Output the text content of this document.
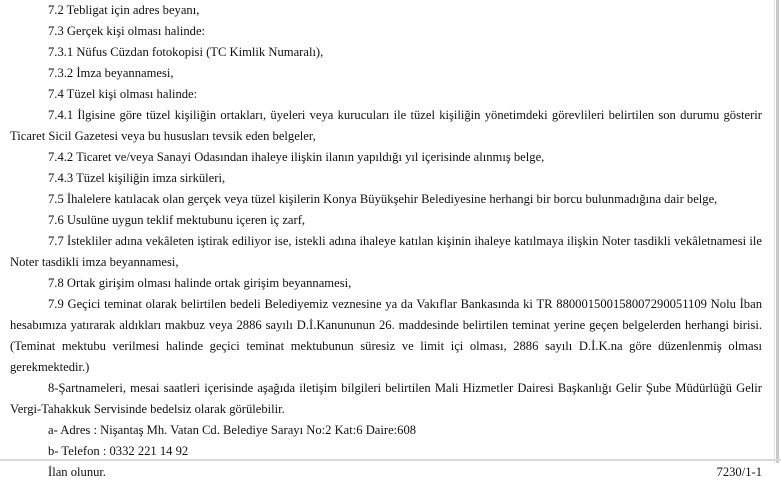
7.2 Tebligat için adres beyanı,
7.3 Gerçek kişi olması halinde:
7.3.1 Nüfus Cüzdan fotokopisi (TC Kimlik Numaralı),
7.3.2 İmza beyannamesi,
7.4 Tüzel kişi olması halinde:

7.4.1 İlgisine göre tüzel kişiliğin ortakları, üyeleri veya kurucuları ile tüzel kişiliğin yönetimdeki görevlileri belirtilen son durumu gösterir Ticaret Sicil Gazetesi veya bu hususları tevsik eden belgeler,

7.4.2 Ticaret ve/veya Sanayi Odasından ihaleye ilişkin ilanın yapıldığı yıl içerisinde alınmış belge,
7.4.3 Tüzel kişiliğin imza sirküleri,
7.5 İhalelere katılacak olan gerçek veya tüzel kişilerin Konya Büyükşehir Belediyesine herhangi bir borcu bulunmadığına dair belge,
7.6 Usulüne uygun teklif mektubunu içeren iç zarf,

7.7 İstekliler adına vekâleten iştirak ediliyor ise, istekli adına ihaleye katılan kişinin ihaleye katılmaya ilişkin Noter tasdikli vekâletnamesi ile Noter tasdikli imza beyannamesi,

7.8 Ortak girişim olması halinde ortak girişim beyannamesi,

7.9 Geçici teminat olarak belirtilen bedeli Belediyemiz veznesine ya da Vakıflar Bankasında ki TR 880001500158007290051109 Nolu İban hesabımıza yatırarak aldıkları makbuz veya 2886 sayılı D.İ.Kanununun 26. maddesinde belirtilen teminat yerine geçen belgelerden herhangi birisi. (Teminat mektubu verilmesi halinde geçici teminat mektubunun süresiz ve limit içi olması, 2886 sayılı D.İ.K.na göre düzenlenmiş olması gerekmektedir.)

8-Şartnameleri, mesai saatleri içerisinde aşağıda iletişim bilgileri belirtilen Mali Hizmetler Dairesi Başkanlığı Gelir Şube Müdürlüğü Gelir Vergi-Tahakkuk Servisinde bedelsiz olarak görülebilir.

a- Adres : Nişantaş Mh. Vatan Cd. Belediye Sarayı No:2 Kat:6 Daire:608
b- Telefon : 0332 221 14 92
İlan olunur.	7230/1-1
